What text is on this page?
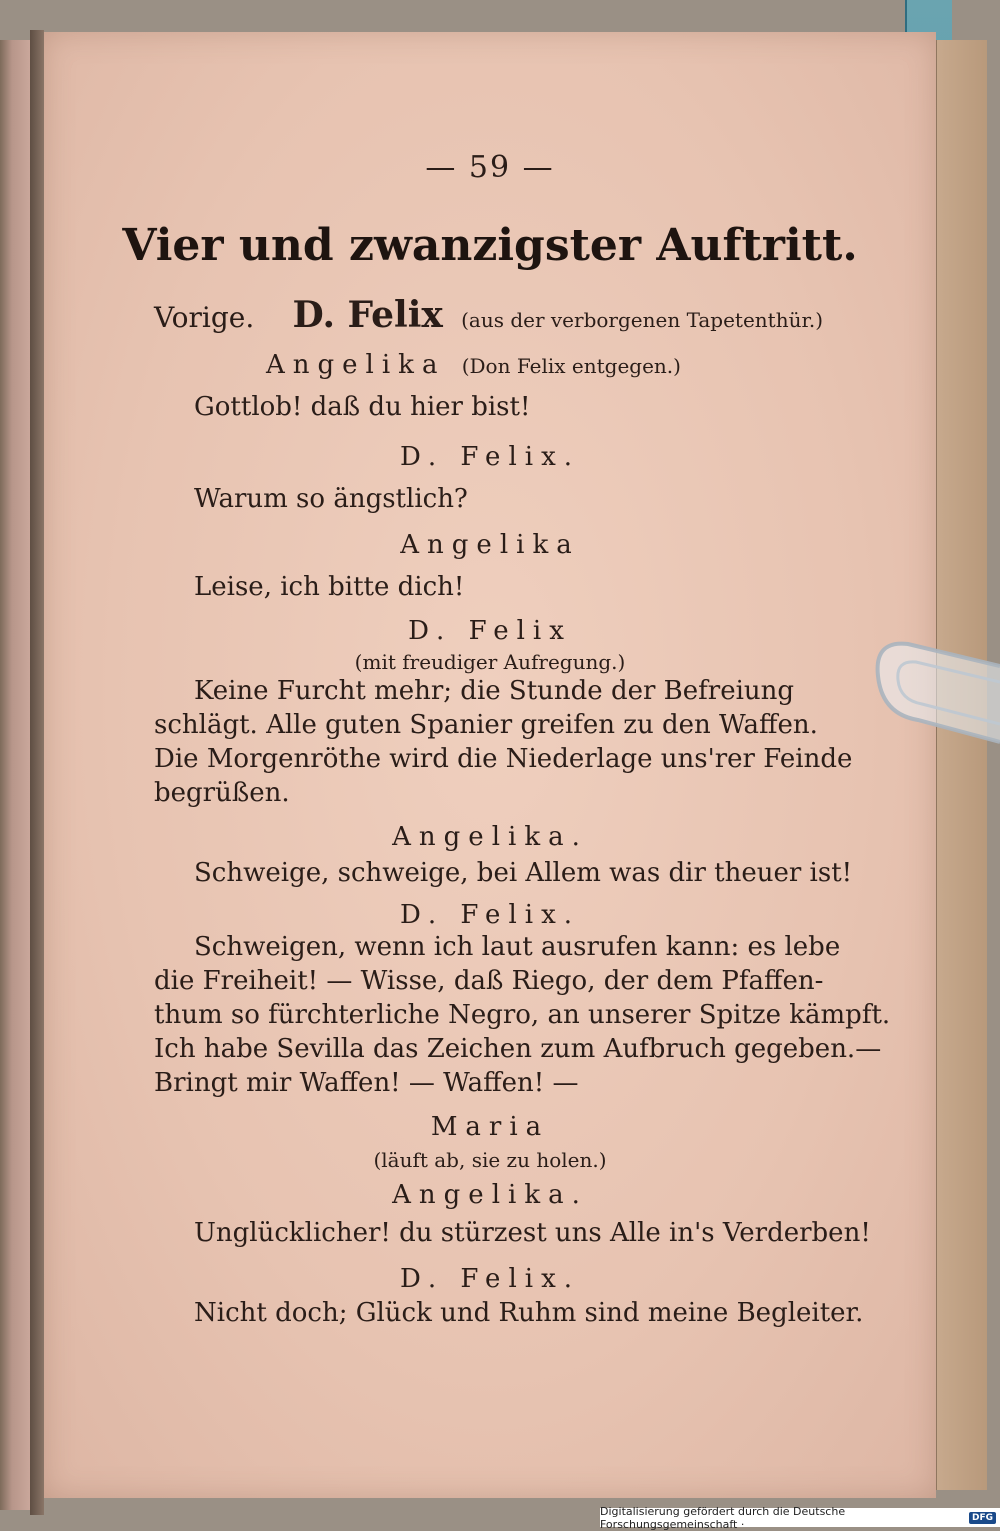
— 59 —
Vier und zwanzigster Auftritt.
Vorige. D. Felix (aus der verborgenen Tapetenthür.)
Angelika (Don Felix entgegen.)
Gottlob! daß du hier bist!
D. Felix.
Warum so ängstlich?
Angelika
Leise, ich bitte dich!
D. Felix
(mit freudiger Aufregung.)
Keine Furcht mehr; die Stunde der Befreiung
schlägt. Alle guten Spanier greifen zu den Waffen.
Die Morgenröthe wird die Niederlage uns'rer Feinde
begrüßen.
Angelika.
Schweige, schweige, bei Allem was dir theuer ist!
D. Felix.
Schweigen, wenn ich laut ausrufen kann: es lebe
die Freiheit! — Wisse, daß Riego, der dem Pfaffen-
thum so fürchterliche Negro, an unserer Spitze kämpft.
Ich habe Sevilla das Zeichen zum Aufbruch gegeben.—
Bringt mir Waffen! — Waffen! —
Maria
(läuft ab, sie zu holen.)
Angelika.
Unglücklicher! du stürzest uns Alle in's Verderben!
D. Felix.
Nicht doch; Glück und Ruhm sind meine Begleiter.
Digitalisierung gefördert durch die Deutsche Forschungsgemeinschaft ·	DFG
